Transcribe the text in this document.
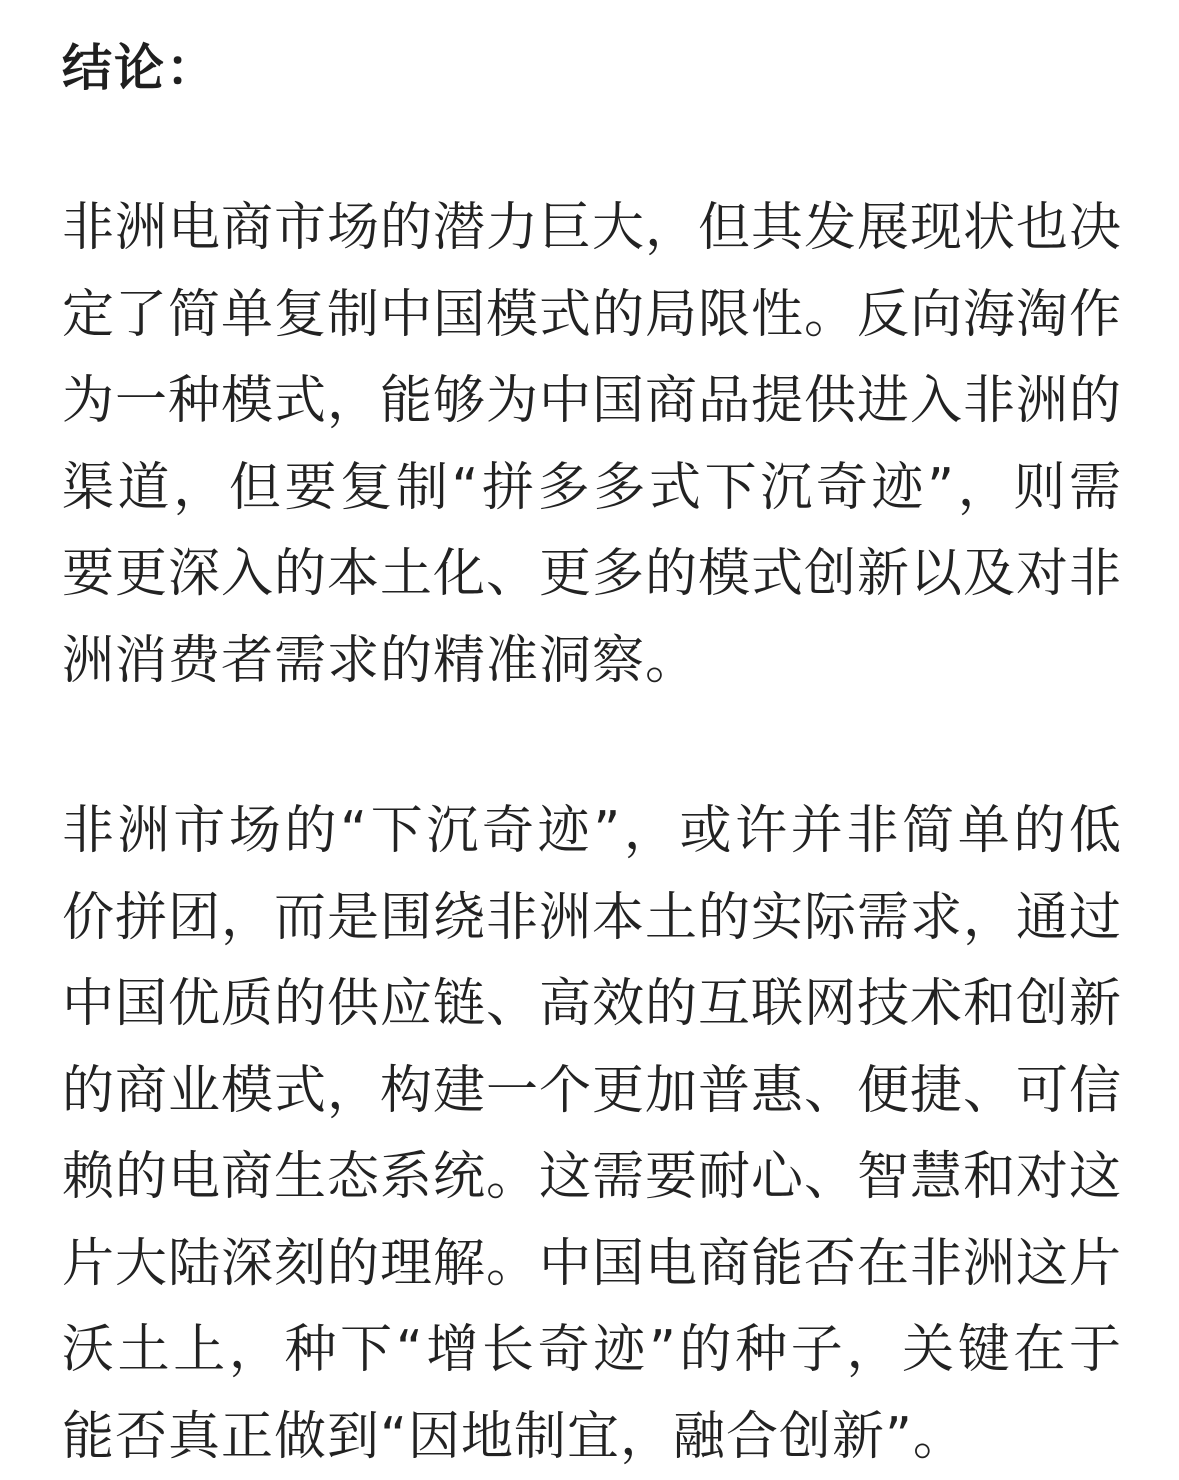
结论：

非洲电商市场的潜力巨大，但其发展现状也决定了简单复制中国模式的局限性。反向海淘作为一种模式，能够为中国商品提供进入非洲的渠道，但要复制“拼多多式下沉奇迹”，则需要更深入的本土化、更多的模式创新以及对非洲消费者需求的精准洞察。

非洲市场的“下沉奇迹”，或许并非简单的低价拼团，而是围绕非洲本土的实际需求，通过中国优质的供应链、高效的互联网技术和创新的商业模式，构建一个更加普惠、便捷、可信赖的电商生态系统。这需要耐心、智慧和对这片大陆深刻的理解。中国电商能否在非洲这片沃土上，种下“增长奇迹”的种子，关键在于能否真正做到“因地制宜，融合创新”。
